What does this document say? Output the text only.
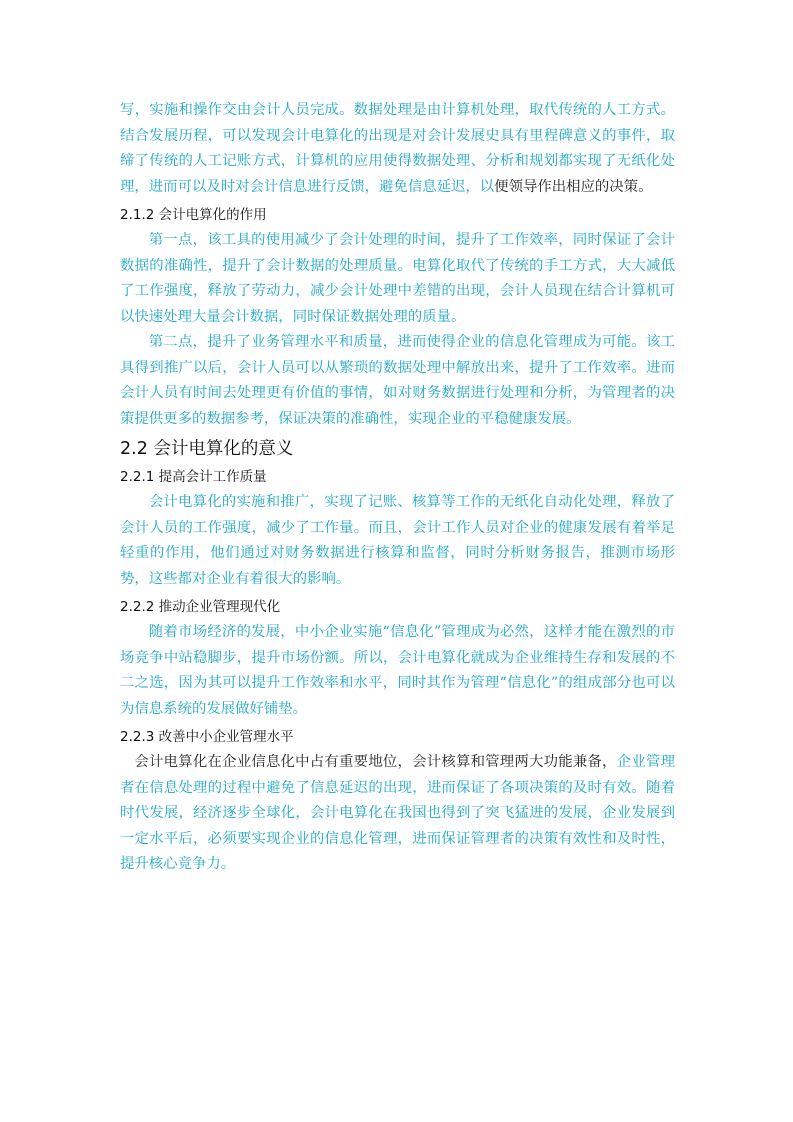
写，实施和操作交由会计人员完成。数据处理是由计算机处理，取代传统的人工方式。结合发展历程，可以发现会计电算化的出现是对会计发展史具有里程碑意义的事件，取缔了传统的人工记账方式，计算机的应用使得数据处理、分析和规划都实现了无纸化处理，进而可以及时对会计信息进行反馈，避免信息延迟，以便领导作出相应的决策。

2.1.2 会计电算化的作用

第一点，该工具的使用减少了会计处理的时间，提升了工作效率，同时保证了会计数据的准确性，提升了会计数据的处理质量。电算化取代了传统的手工方式，大大减低了工作强度，释放了劳动力，减少会计处理中差错的出现，会计人员现在结合计算机可以快速处理大量会计数据，同时保证数据处理的质量。

第二点，提升了业务管理水平和质量，进而使得企业的信息化管理成为可能。该工具得到推广以后，会计人员可以从繁琐的数据处理中解放出来，提升了工作效率。进而会计人员有时间去处理更有价值的事情，如对财务数据进行处理和分析，为管理者的决策提供更多的数据参考，保证决策的准确性，实现企业的平稳健康发展。

2.2 会计电算化的意义
2.2.1 提高会计工作质量

会计电算化的实施和推广，实现了记账、核算等工作的无纸化自动化处理，释放了会计人员的工作强度，减少了工作量。而且，会计工作人员对企业的健康发展有着举足轻重的作用，他们通过对财务数据进行核算和监督，同时分析财务报告，推测市场形势，这些都对企业有着很大的影响。

2.2.2 推动企业管理现代化

随着市场经济的发展，中小企业实施“信息化”管理成为必然，这样才能在激烈的市场竞争中站稳脚步，提升市场份额。所以，会计电算化就成为企业维持生存和发展的不二之选，因为其可以提升工作效率和水平，同时其作为管理“信息化”的组成部分也可以为信息系统的发展做好铺垫。

2.2.3 改善中小企业管理水平

会计电算化在企业信息化中占有重要地位，会计核算和管理两大功能兼备，企业管理者在信息处理的过程中避免了信息延迟的出现，进而保证了各项决策的及时有效。随着时代发展，经济逐步全球化，会计电算化在我国也得到了突飞猛进的发展，企业发展到一定水平后，必须要实现企业的信息化管理，进而保证管理者的决策有效性和及时性，提升核心竞争力。
